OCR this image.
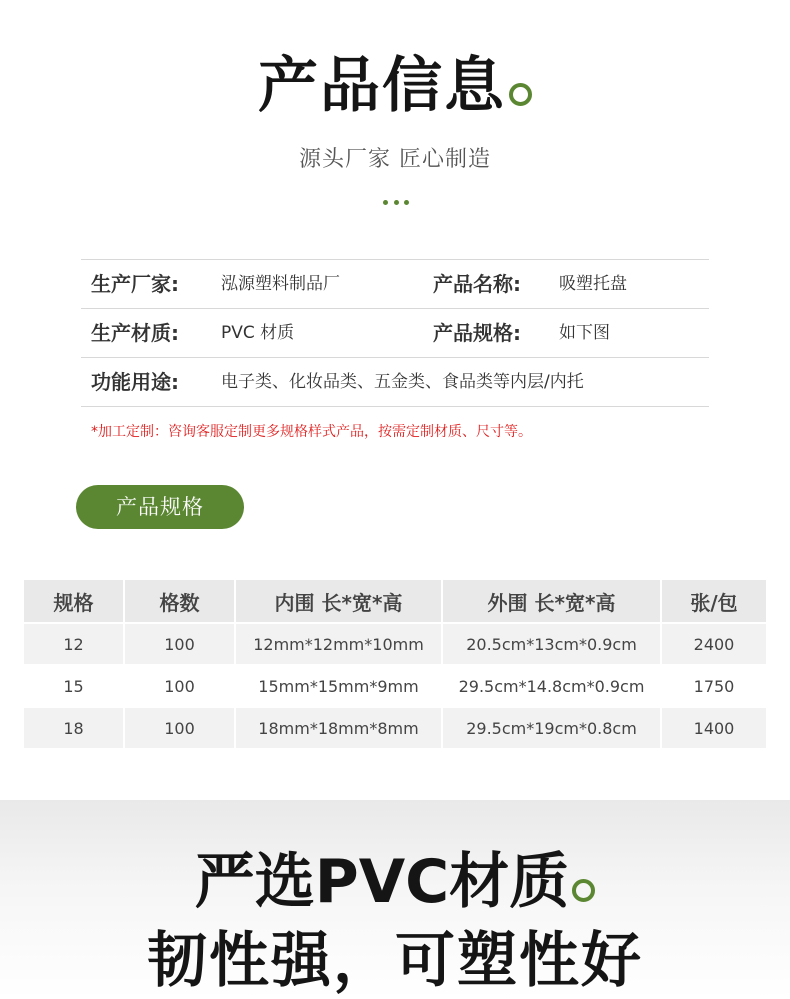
产品信息
源头厂家 匠心制造
生产厂家: 泓源塑料制品厂	产品名称: 吸塑托盘
生产材质: PVC 材质	产品规格: 如下图
功能用途: 电子类、化妆品类、五金类、食品类等内层/内托
*加工定制：咨询客服定制更多规格样式产品，按需定制材质、尺寸等。
产品规格
规格	格数	内围 长*宽*高	外围 长*宽*高	张/包
12	100	12mm*12mm*10mm	20.5cm*13cm*0.9cm	2400
15	100	15mm*15mm*9mm	29.5cm*14.8cm*0.9cm	1750
18	100	18mm*18mm*8mm	29.5cm*19cm*0.8cm	1400
严选PVC材质
韧性强，可塑性好
